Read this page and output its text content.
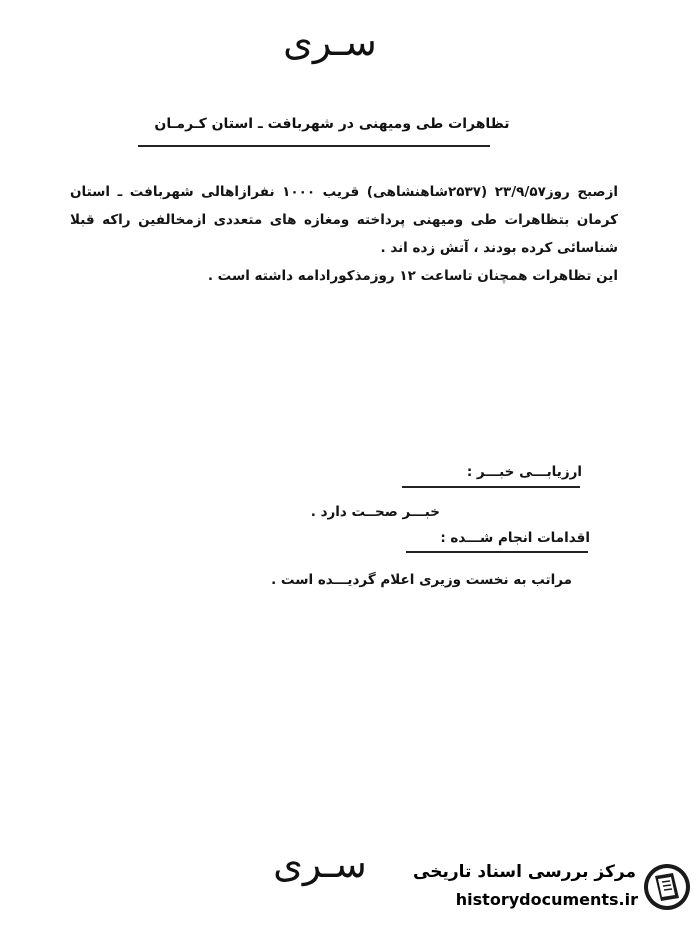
سـری
تظاهرات طی ومیهنی در شهربافت ـ استان کـرمـان

ازصبح روز۲۳/۹/۵۷ (۲۵۳۷شاهنشاهی) قریب ۱۰۰۰ نفرازاهالی شهربافت ـ استان کرمان بتظاهرات طی ومیهنی پرداخته ومغازه های متعددی ازمخالفین راکه قبلا شناسائی کرده بودند ، آتش زده اند .

این تظاهرات همچنان تاساعت ۱۲ روزمذکورادامه داشته است .

ارزیابـــی خبـــر :
خبـــر صحــت دارد .
اقدامات انجام شـــده :
مراتب به نخست وزیری اعلام گردیـــده است .
سـری	مرکز بررسی اسناد تاریخی
historydocuments.ir
